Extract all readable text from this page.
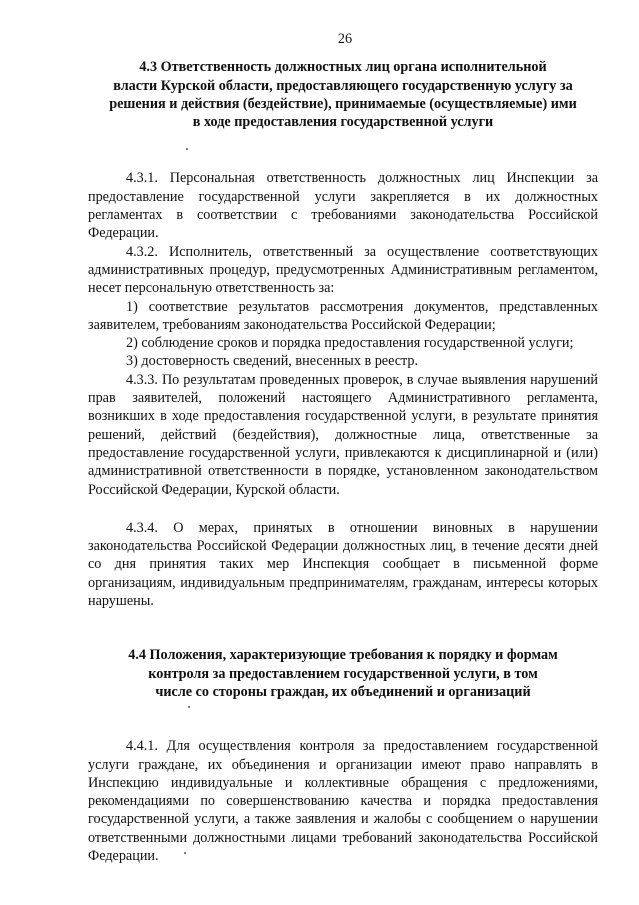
26
4.3 Ответственность должностных лиц органа исполнительной
власти Курской области, предоставляющего государственную услугу за
решения и действия (бездействие), принимаемые (осуществляемые) ими
в ходе предоставления государственной услуги

4.3.1. Персональная ответственность должностных лиц Инспекции за предоставление государственной услуги закрепляется в их должностных регламентах в соответствии с требованиями законодательства Российской Федерации.

4.3.2. Исполнитель, ответственный за осуществление соответствующих административных процедур, предусмотренных Административным регламентом, несет персональную ответственность за:

1) соответствие результатов рассмотрения документов, представленных заявителем, требованиям законодательства Российской Федерации;

2) соблюдение сроков и порядка предоставления государственной услуги;

3) достоверность сведений, внесенных в реестр.

4.3.3. По результатам проведенных проверок, в случае выявления нарушений прав заявителей, положений настоящего Административного регламента, возникших в ходе предоставления государственной услуги, в результате принятия решений, действий (бездействия), должностные лица, ответственные за предоставление государственной услуги, привлекаются к дисциплинарной и (или) административной ответственности в порядке, установленном законодательством Российской Федерации, Курской области.

4.3.4. О мерах, принятых в отношении виновных в нарушении законодательства Российской Федерации должностных лиц, в течение десяти дней со дня принятия таких мер Инспекция сообщает в письменной форме организациям, индивидуальным предпринимателям, гражданам, интересы которых нарушены.

4.4 Положения, характеризующие требования к порядку и формам
контроля за предоставлением государственной услуги, в том
числе со стороны граждан, их объединений и организаций

4.4.1. Для осуществления контроля за предоставлением государственной услуги граждане, их объединения и организации имеют право направлять в Инспекцию индивидуальные и коллективные обращения с предложениями, рекомендациями по совершенствованию качества и порядка предоставления государственной услуги, а также заявления и жалобы с сообщением о нарушении ответственными должностными лицами требований законодательства Российской Федерации.
